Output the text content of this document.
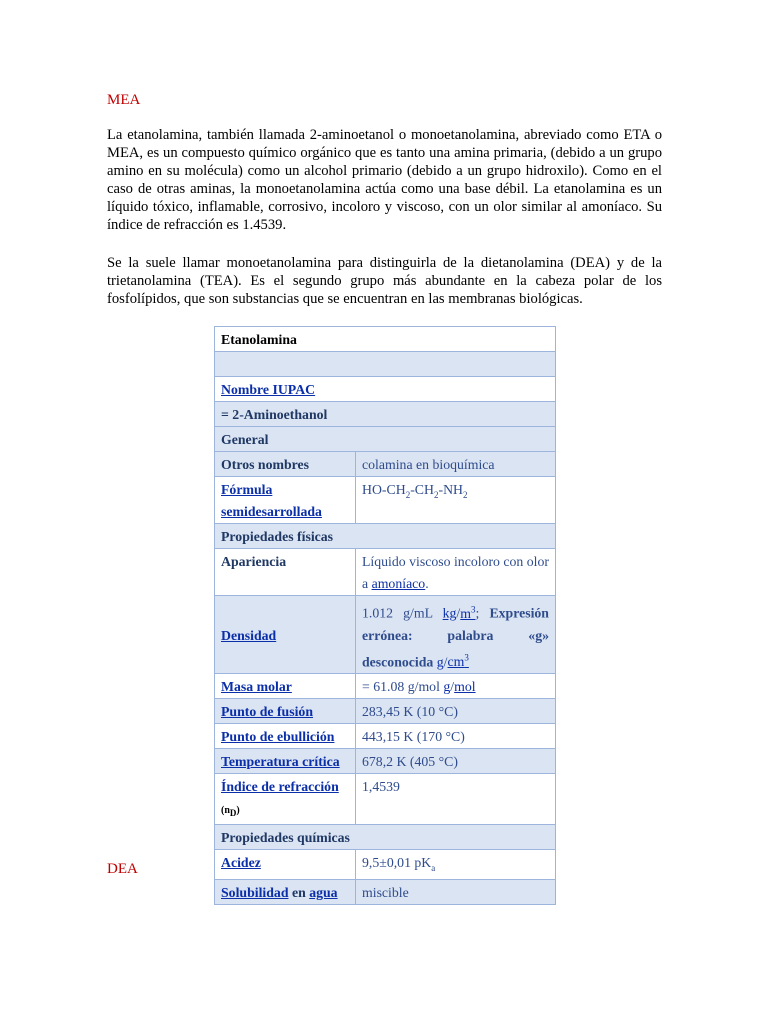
MEA

La etanolamina, también llamada 2-aminoetanol o monoetanolamina, abreviado como ETA o MEA, es un compuesto químico orgánico que es tanto una amina primaria, (debido a un grupo amino en su molécula) como un alcohol primario (debido a un grupo hidroxilo). Como en el caso de otras aminas, la monoetanolamina actúa como una base débil. La etanolamina es un líquido tóxico, inflamable, corrosivo, incoloro y viscoso, con un olor similar al amoníaco. Su índice de refracción es 1.4539.

Se la suele llamar monoetanolamina para distinguirla de la dietanolamina (DEA) y de la trietanolamina (TEA). Es el segundo grupo más abundante en la cabeza polar de los fosfolípidos, que son substancias que se encuentran en las membranas biológicas.

Etanolamina	

Nombre IUPAC	
= 2-Aminoethanol	
General	
Otros nombres	colamina en bioquímica
Fórmula semidesarrollada	$HO-CH_2-CH_2-NH_2$
Propiedades físicas	
Apariencia	Líquido viscoso incoloro con olor a amoníaco.
Densidad	1.012 g/mL $kg/m^3$; Expresión errónea: palabra «g» desconocida $g/cm^3$
Masa molar	= 61.08 g/mol g/mol
Punto de fusión	283,45 K (10 °C)
Punto de ebullición	443,15 K (170 °C)
Temperatura crítica	678,2 K (405 °C)
Índice de refracción
$(n_D)$	1,4539
Propiedades químicas	
Acidez	9,5±0,01 $pK_a$
Solubilidad en agua	miscible
DEA
